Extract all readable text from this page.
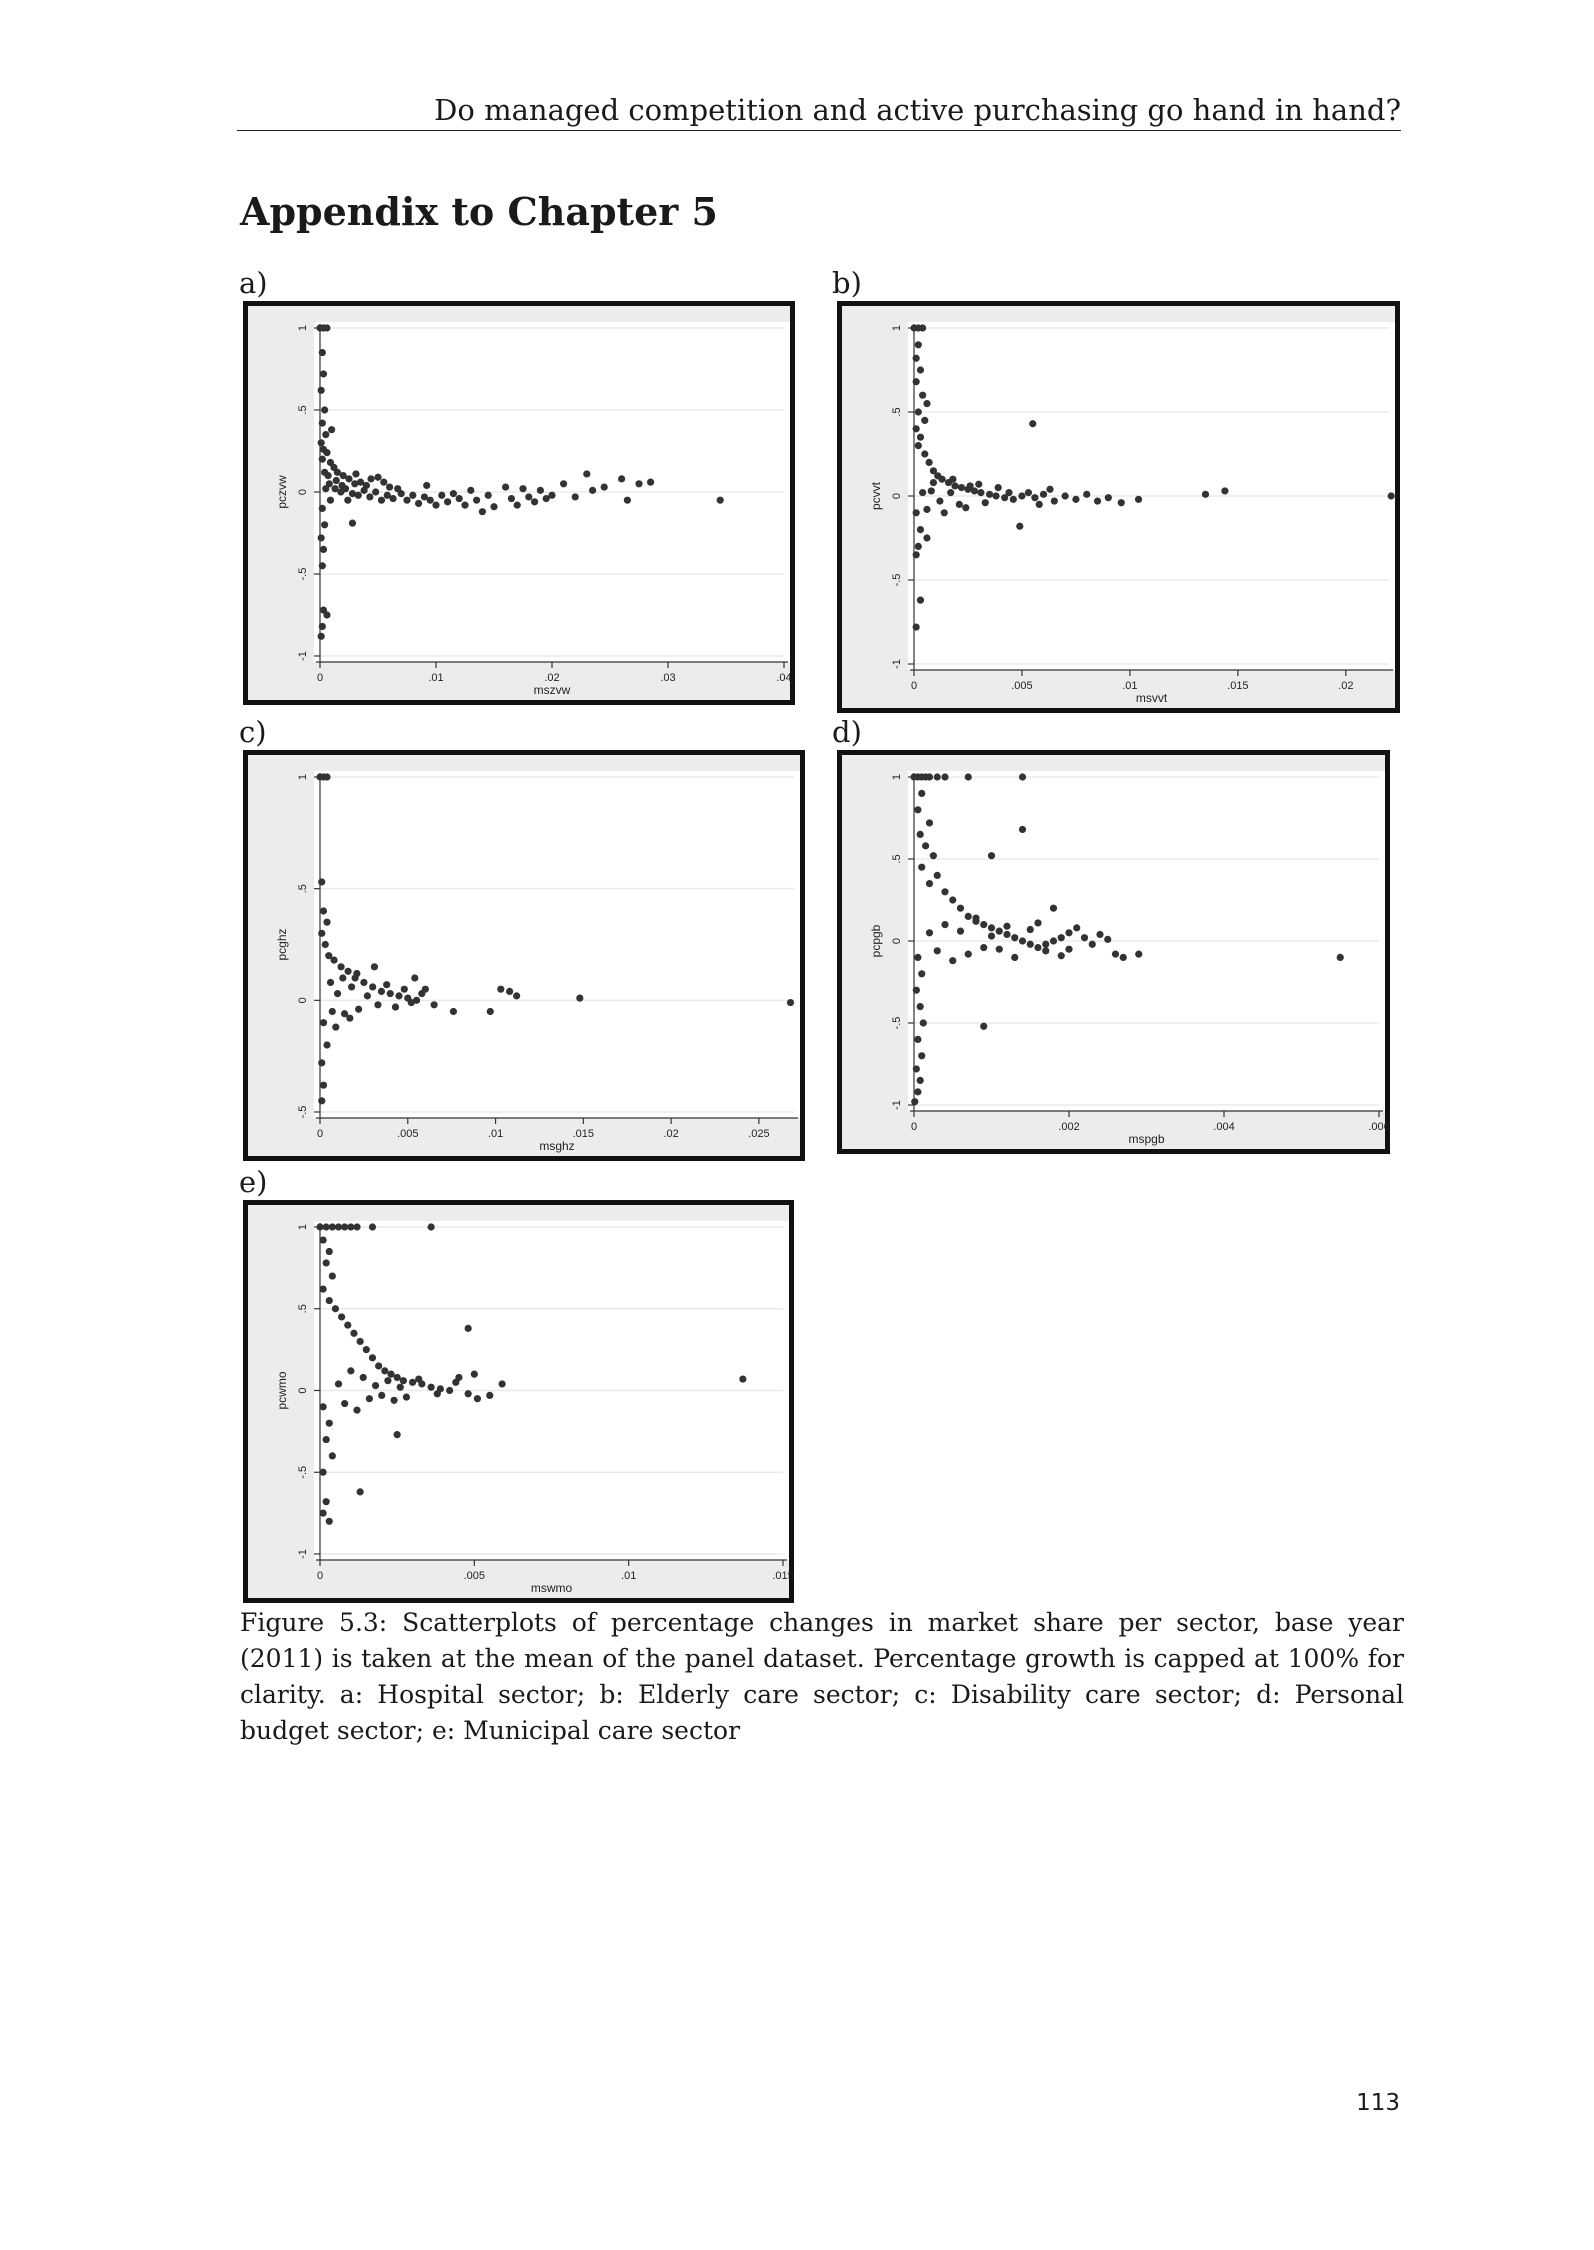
Do managed competition and active purchasing go hand in hand?
Appendix to Chapter 5
a)	b)
c)	d)
e)
-1
-.5
0
.5
1
0	.01	.02	.03	.04
mszvw
pczvw
-1
-.5
0
.5
1
0	.005	.01	.015	.02
msvvt
pcvvt
-.5
0
.5
1
0	.005	.01	.015	.02	.025
msghz
pcghz
-1
-.5
0
.5
1
0	.002	.004	.006
mspgb
pcpgb
-1
-.5
0
.5
1
0	.005	.01	.015
mswmo
pcwmo

Figure 5.3: Scatterplots of percentage changes in market share per sector, base year (2011) is taken at the mean of the panel dataset. Percentage growth is capped at 100% for clarity. a: Hospital sector; b: Elderly care sector; c: Disability care sector; d: Personal budget sector; e: Municipal care sector

113
